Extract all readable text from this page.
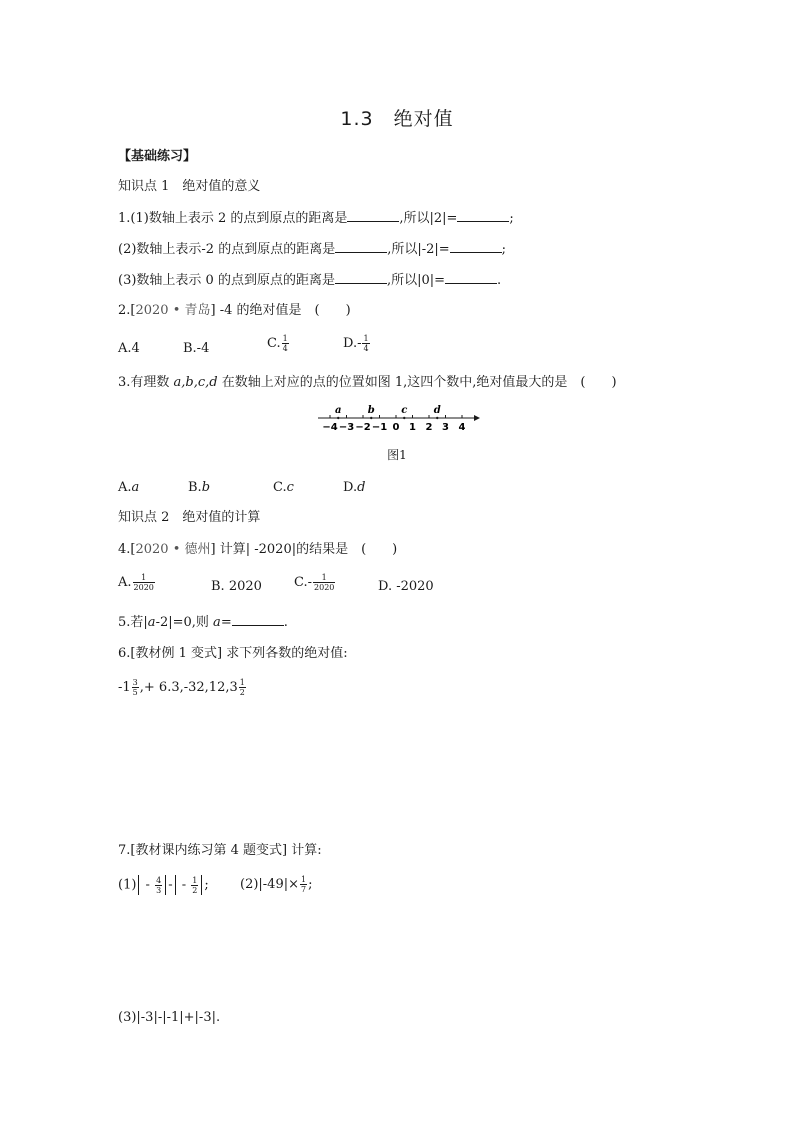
1.3　绝对值
【基础练习】
知识点 1　绝对值的意义
1.(1)数轴上表示 2 的点到原点的距离是	,所以|2|=	;
(2)数轴上表示-2 的点到原点的距离是	,所以|-2|=	;
(3)数轴上表示 0 的点到原点的距离是	,所以|0|=	.
2.[2020 • 青岛] -4 的绝对值是　(　　)
A.4	B.-4	C. $\frac{1}{4}$	$D.- \frac{1}{4}$
3.有理数 a,b,c,d 在数轴上对应的点的位置如图 1,这四个数中,绝对值最大的是　(　　)
−4 −3 −2 −1 0 1 2 3 4
a	b	c	d
图1
A.a	B.b	C.c	D.d
知识点 2　绝对值的计算
4.[2020 • 德州] 计算| -2020|的结果是　(　　)
A. $\frac{1}{2020}$	B. 2020 $C.- \frac{1}{2020}$	D. -2020
5.若|a-2|=0,则 a=	.
6.[教材例 1 变式] 求下列各数的绝对值:
$-1 \frac{3}{5}$ ,+ $6.3,-32,12,3 \frac{1}{2}$
7.[教材课内练习第 4 题变式] 计算:
$(1) - \frac{4}{3}$ - - $\frac{1}{2}$ ; $(2)|-49|\times \frac{1}{7}$ ;
(3)|-3|-|-1|+|-3|.
